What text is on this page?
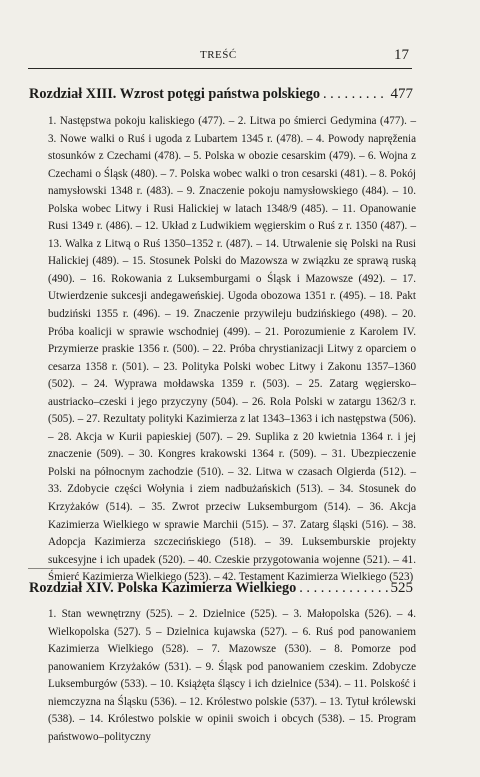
TREŚĆ	17
Rozdział XIII. Wzrost potęgi państwa polskiego . . .	477
1. Następstwa pokoju kaliskiego (477). – 2. Litwa po śmierci Gedymina (477). – 3. Nowe walki o Ruś i ugoda z Lubartem 1345 r. (478). – 4. Powody napręženia stosunków z Czechami (478). – 5. Polska w obozie cesarskim (479). – 6. Wojna z Czechami o Śląsk (480). – 7. Polska wobec walki o tron cesarski (481). – 8. Pokój namysłowski 1348 r. (483). – 9. Znaczenie pokoju namysłowskiego (484). – 10. Polska wobec Litwy i Rusi Halickiej w latach 1348/9 (485). – 11. Opanowanie Rusi 1349 r. (486). – 12. Układ z Ludwikiem węgierskim o Ruś z r. 1350 (487). – 13. Walka z Litwą o Ruś 1350–1352 r. (487). – 14. Utrwalenie się Polski na Rusi Halickiej (489). – 15. Stosunek Polski do Mazowsza w związku ze sprawą ruską (490). – 16. Rokowania z Luksemburgami o Śląsk i Mazowsze (492). – 17. Utwierdzenie sukcesji andegaweńskiej. Ugoda obozowa 1351 r. (495). – 18. Pakt budziński 1355 r. (496). – 19. Znaczenie przywileju budzińskiego (498). – 20. Próba koalicji w sprawie wschodniej (499). – 21. Porozumienie z Karolem IV. Przymierze praskie 1356 r. (500). – 22. Próba chrystianizacji Litwy z oparciem o cesarza 1358 r. (501). – 23. Polityka Polski wobec Litwy i Zakonu 1357–1360 (502). – 24. Wyprawa mołdawska 1359 r. (503). – 25. Zatarg węgiersko–austriacko–czeski i jego przyczyny (504). – 26. Rola Polski w zatargu 1362/3 r. (505). – 27. Rezultaty polityki Kazimierza z lat 1343–1363 i ich następstwa (506). – 28. Akcja w Kurii papieskiej (507). – 29. Suplika z 20 kwietnia 1364 r. i jej znaczenie (509). – 30. Kongres krakowski 1364 r. (509). – 31. Ubezpieczenie Polski na północnym zachodzie (510). – 32. Litwa w czasach Olgierda (512). – 33. Zdobycie części Wołynia i ziem nadbużańskich (513). – 34. Stosunek do Krzyżaków (514). – 35. Zwrot przeciw Luksemburgom (514). – 36. Akcja Kazimierza Wielkiego w sprawie Marchii (515). – 37. Zatarg śląski (516). – 38. Adopcja Kazimierza szczecińskiego (518). – 39. Luksemburskie projekty sukcesyjne i ich upadek (520). – 40. Czeskie przygotowania wojenne (521). – 41. Śmierć Kazimierza Wielkiego (523). – 42. Testament Kazimierza Wielkiego (523)
Rozdział XIV. Polska Kazimierza Wielkiego . . .	525
1. Stan wewnętrzny (525). – 2. Dzielnice (525). – 3. Małopolska (526). – 4. Wielkopolska (527). 5 – Dzielnica kujawska (527). – 6. Ruś pod panowaniem Kazimierza Wielkiego (528). – 7. Mazowsze (530). – 8. Pomorze pod panowaniem Krzyżaków (531). – 9. Śląsk pod panowaniem czeskim. Zdobycze Luksemburgów (533). – 10. Książęta śląscy i ich dzielnice (534). – 11. Polskość i niemczyzna na Śląsku (536). – 12. Królestwo polskie (537). – 13. Tytuł królewski (538). – 14. Królestwo polskie w opinii swoich i obcych (538). – 15. Program państwowo–polityczny
